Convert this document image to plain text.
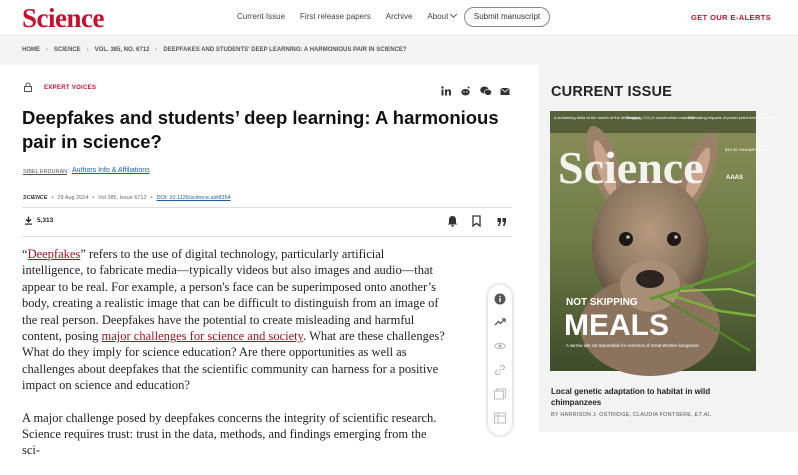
Science	Current Issue First release papers Archive About	Submit manuscript	GET OUR E-ALERTS
HOME › SCIENCE › VOL. 385, NO. 6712 › DEEPFAKES AND STUDENTS' DEEP LEARNING: A HARMONIOUS PAIR IN SCIENCE?
CURRENT ISSUE
A sustaining delta at the mouth of the Mississippi
Trapping CO₂ in construction materials
Estimating impacts of power plant emissions rules
Science	$15 30 JANUARY 2025
AAAS
NOT SKIPPING
MEALS
A narrow diet not responsible for extinction of Great Western kangaroos
Local genetic adaptation to habitat in wild chimpanzees
BY HARRISON J. OSTRIDGE, CLAUDIA FONTSERE, ET AL.
EXPERT VOICES
Deepfakes and students’ deep learning: A harmonious pair in science?
SIBEL ERDURAN Authors Info & Affiliations
SCIENCE • 29 Aug 2024 • Vol 385, Issue 6712 • DOI: 10.1126/science.adr8354
5,313

“Deepfakes” refers to the use of digital technology, particularly artificial intelligence, to fabricate media—typically videos but also images and audio—that appear to be real. For example, a person's face can be superimposed onto another’s body, creating a realistic image that can be difficult to distinguish from an image of the real person. Deepfakes have the potential to create misleading and harmful content, posing major challenges for science and society. What are these challenges? What do they imply for science education? Are there opportunities as well as challenges about deepfakes that the scientific community can harness for a positive impact on science and education?

A major challenge posed by deepfakes concerns the integrity of scientific research. Science requires trust: trust in the data, methods, and findings emerging from the sci-
